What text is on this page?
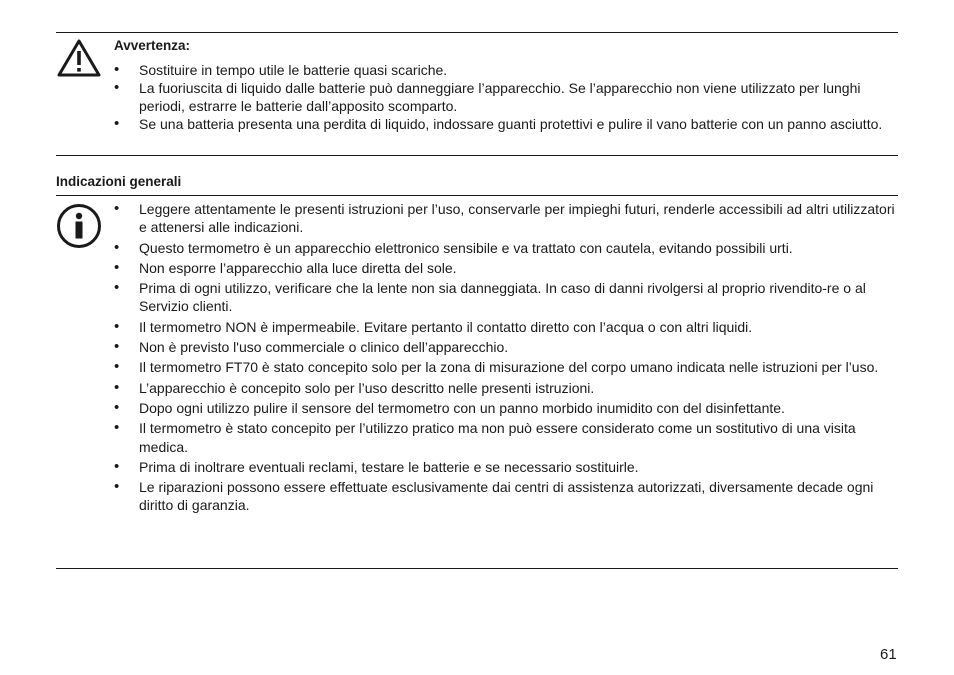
Avvertenza:
• Sostituire in tempo utile le batterie quasi scariche.
• La fuoriuscita di liquido dalle batterie può danneggiare l’apparecchio. Se l’apparecchio non viene utilizzato per lunghi periodi, estrarre le batterie dall’apposito scomparto.
• Se una batteria presenta una perdita di liquido, indossare guanti protettivi e pulire il vano batterie con un panno asciutto.
Indicazioni generali
• Leggere attentamente le presenti istruzioni per l’uso, conservarle per impieghi futuri, renderle accessibili ad altri utilizzatori e attenersi alle indicazioni.
• Questo termometro è un apparecchio elettronico sensibile e va trattato con cautela, evitando possibili urti.
• Non esporre l’apparecchio alla luce diretta del sole.
• Prima di ogni utilizzo, verificare che la lente non sia danneggiata. In caso di danni rivolgersi al proprio rivendito-re o al Servizio clienti.
• Il termometro NON è impermeabile. Evitare pertanto il contatto diretto con l’acqua o con altri liquidi.
• Non è previsto l'uso commerciale o clinico dell’apparecchio.
• Il termometro FT70 è stato concepito solo per la zona di misurazione del corpo umano indicata nelle istruzioni per l’uso.
• L’apparecchio è concepito solo per l’uso descritto nelle presenti istruzioni.
• Dopo ogni utilizzo pulire il sensore del termometro con un panno morbido inumidito con del disinfettante.
• Il termometro è stato concepito per l’utilizzo pratico ma non può essere considerato come un sostitutivo di una visita medica.
• Prima di inoltrare eventuali reclami, testare le batterie e se necessario sostituirle.
• Le riparazioni possono essere effettuate esclusivamente dai centri di assistenza autorizzati, diversamente decade ogni diritto di garanzia.
61
